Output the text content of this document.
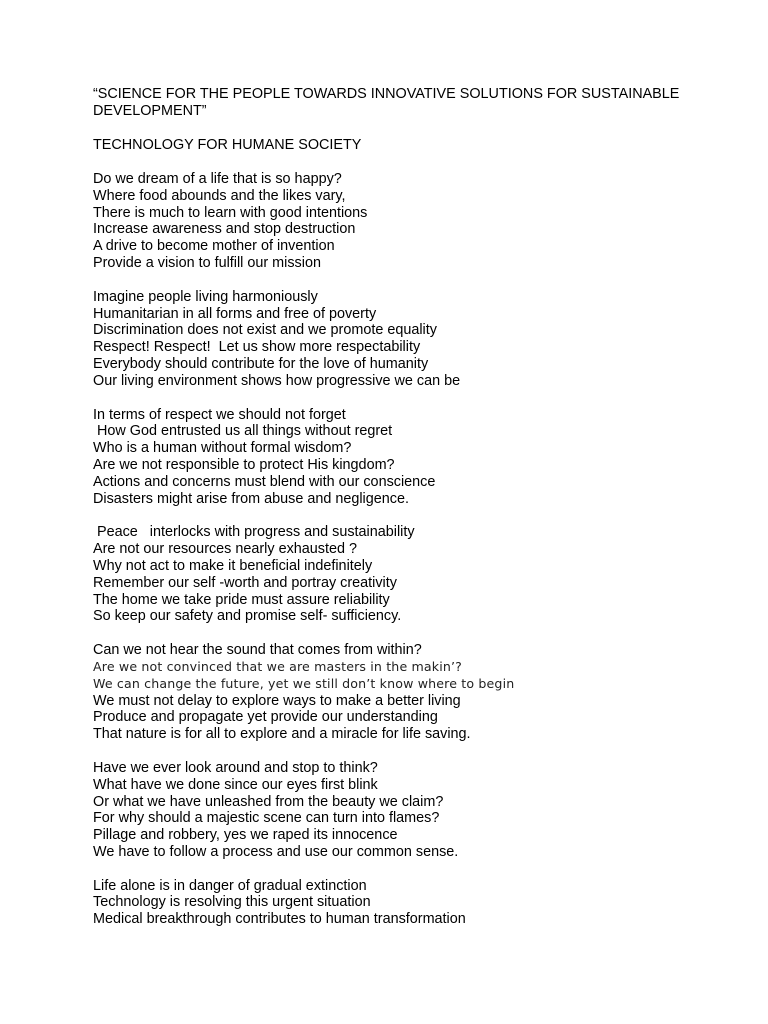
“SCIENCE FOR THE PEOPLE TOWARDS INNOVATIVE SOLUTIONS FOR SUSTAINABLE DEVELOPMENT”
TECHNOLOGY FOR HUMANE SOCIETY
Do we dream of a life that is so happy?
Where food abounds and the likes vary,
There is much to learn with good intentions
Increase awareness and stop destruction
A drive to become mother of invention
Provide a vision to fulfill our mission
Imagine people living harmoniously
Humanitarian in all forms and free of poverty
Discrimination does not exist and we promote equality
Respect! Respect!  Let us show more respectability
Everybody should contribute for the love of humanity
Our living environment shows how progressive we can be
In terms of respect we should not forget
How God entrusted us all things without regret
Who is a human without formal wisdom?
Are we not responsible to protect His kingdom?
Actions and concerns must blend with our conscience
Disasters might arise from abuse and negligence.
Peace   interlocks with progress and sustainability
Are not our resources nearly exhausted ?
Why not act to make it beneficial indefinitely
Remember our self -worth and portray creativity
The home we take pride must assure reliability
So keep our safety and promise self- sufficiency.
Can we not hear the sound that comes from within?
Are we not convinced that we are masters in the makin’?
We can change the future, yet we still don’t know where to begin
We must not delay to explore ways to make a better living
Produce and propagate yet provide our understanding
That nature is for all to explore and a miracle for life saving.
Have we ever look around and stop to think?
What have we done since our eyes first blink
Or what we have unleashed from the beauty we claim?
For why should a majestic scene can turn into flames?
Pillage and robbery, yes we raped its innocence
We have to follow a process and use our common sense.
Life alone is in danger of gradual extinction
Technology is resolving this urgent situation
Medical breakthrough contributes to human transformation
